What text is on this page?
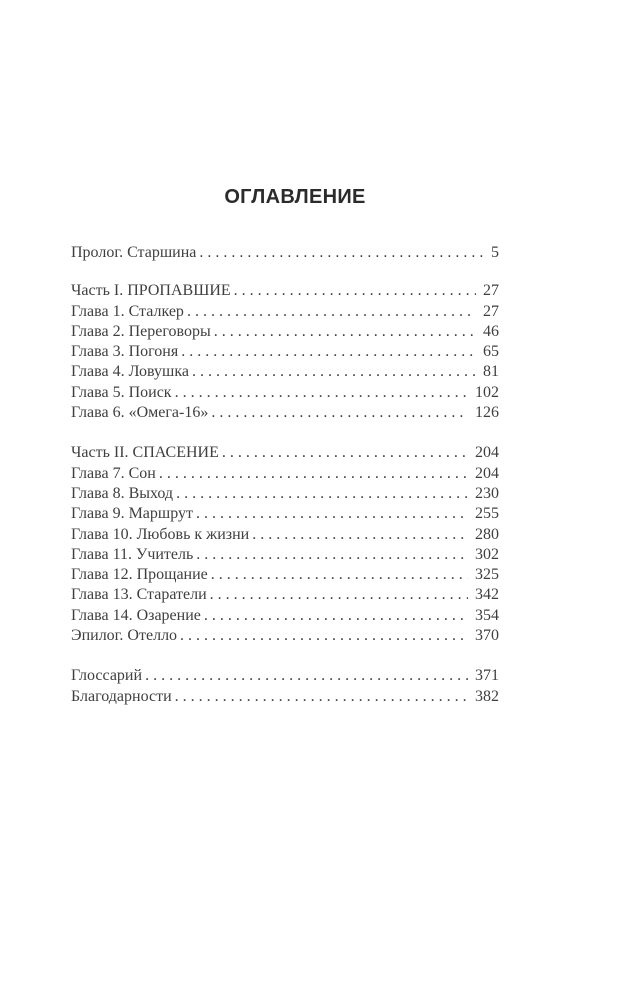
ОГЛАВЛЕНИЕ
Пролог. Старшина . . .	5
Часть I. ПРОПАВШИЕ . . .	27
Глава 1. Сталкер . . .	27
Глава 2. Переговоры . . .	46
Глава 3. Погоня . . .	65
Глава 4. Ловушка . . .	81
Глава 5. Поиск . . .	102
Глава 6. «Омега-16» . . .	126
Часть II. СПАСЕНИЕ . . .	204
Глава 7. Сон . . .	204
Глава 8. Выход . . .	230
Глава 9. Маршрут . . .	255
Глава 10. Любовь к жизни . . .	280
Глава 11. Учитель . . .	302
Глава 12. Прощание . . .	325
Глава 13. Старатели . . .	342
Глава 14. Озарение . . .	354
Эпилог. Отелло . . .	370
Глоссарий . . .	371
Благодарности . . .	382
